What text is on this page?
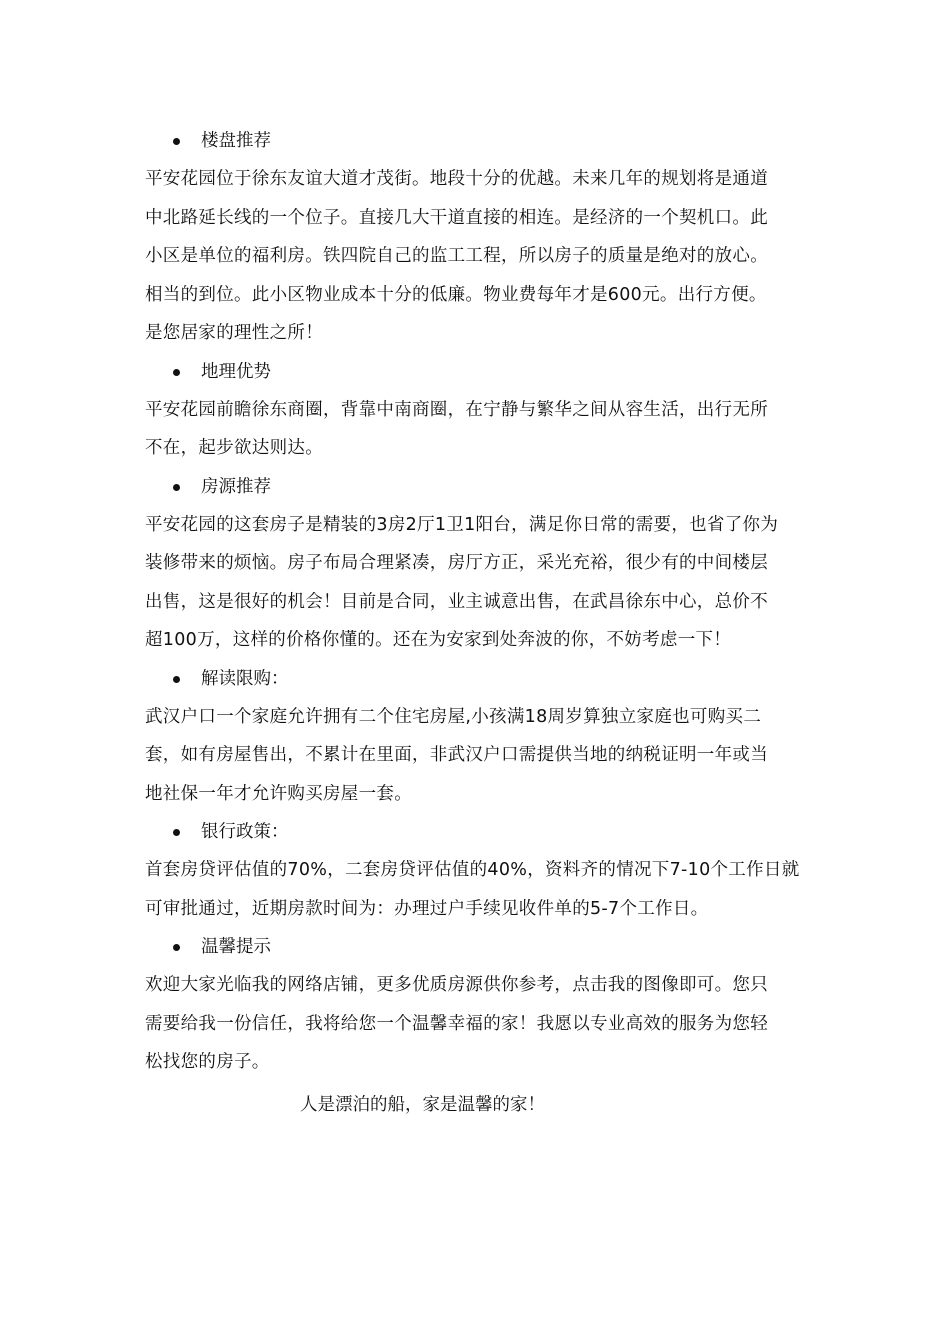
楼盘推荐

平安花园位于徐东友谊大道才茂街。地段十分的优越。未来几年的规划将是通道
中北路延长线的一个位子。直接几大干道直接的相连。是经济的一个契机口。此
小区是单位的福利房。铁四院自己的监工工程，所以房子的质量是绝对的放心。
相当的到位。此小区物业成本十分的低廉。物业费每年才是600元。出行方便。
是您居家的理性之所！

地理优势

平安花园前瞻徐东商圈，背靠中南商圈，在宁静与繁华之间从容生活，出行无所
不在，起步欲达则达。

房源推荐

平安花园的这套房子是精装的3房2厅1卫1阳台，满足你日常的需要，也省了你为
装修带来的烦恼。房子布局合理紧凑，房厅方正，采光充裕，很少有的中间楼层
出售，这是很好的机会！目前是合同，业主诚意出售，在武昌徐东中心，总价不
超100万，这样的价格你懂的。还在为安家到处奔波的你，不妨考虑一下！

解读限购：

武汉户口一个家庭允许拥有二个住宅房屋,小孩满18周岁算独立家庭也可购买二
套，如有房屋售出，不累计在里面，非武汉户口需提供当地的纳税证明一年或当
地社保一年才允许购买房屋一套。

银行政策：

首套房贷评估值的70%，二套房贷评估值的40%，资料齐的情况下7-10个工作日就
可审批通过，近期房款时间为：办理过户手续见收件单的5-7个工作日。

温馨提示

欢迎大家光临我的网络店铺，更多优质房源供你参考，点击我的图像即可。您只
需要给我一份信任，我将给您一个温馨幸福的家！我愿以专业高效的服务为您轻
松找您的房子。

人是漂泊的船，家是温馨的家！
